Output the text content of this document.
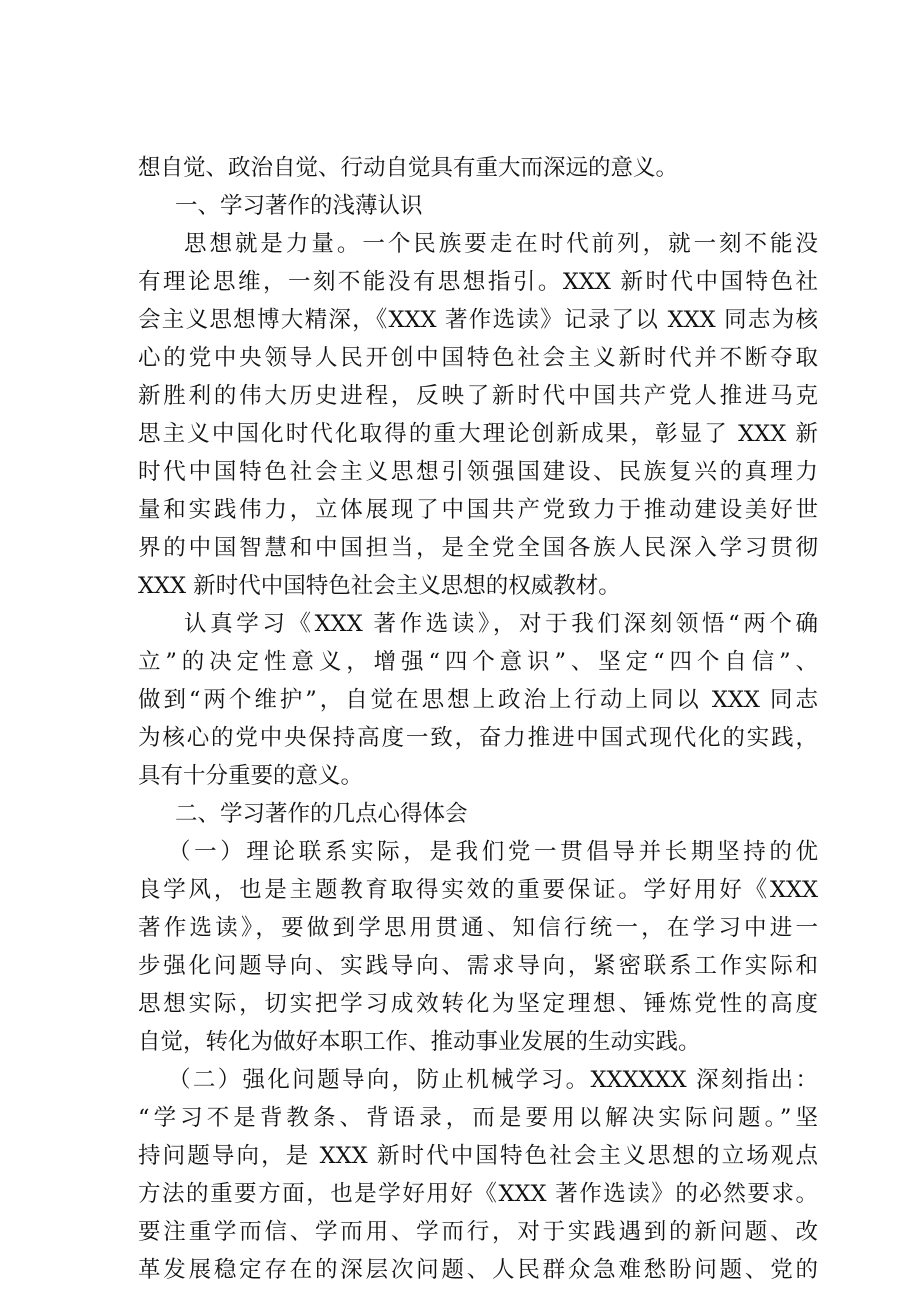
想自觉、政治自觉、行动自觉具有重大而深远的意义。
一、学习著作的浅薄认识
思想就是力量。一个民族要走在时代前列，就一刻不能没
有理论思维，一刻不能没有思想指引。XXX 新时代中国特色社
会主义思想博大精深，《XXX 著作选读》记录了以 XXX 同志为核
心的党中央领导人民开创中国特色社会主义新时代并不断夺取
新胜利的伟大历史进程，反映了新时代中国共产党人推进马克
思主义中国化时代化取得的重大理论创新成果，彰显了 XXX 新
时代中国特色社会主义思想引领强国建设、民族复兴的真理力
量和实践伟力，立体展现了中国共产党致力于推动建设美好世
界的中国智慧和中国担当，是全党全国各族人民深入学习贯彻
XXX 新时代中国特色社会主义思想的权威教材。
认真学习《XXX 著作选读》，对于我们深刻领悟“两个确
立”的决定性意义，增强“四个意识”、坚定“四个自信”、
做到“两个维护”，自觉在思想上政治上行动上同以 XXX 同志
为核心的党中央保持高度一致，奋力推进中国式现代化的实践，
具有十分重要的意义。
二、学习著作的几点心得体会
（一）理论联系实际，是我们党一贯倡导并长期坚持的优
良学风，也是主题教育取得实效的重要保证。学好用好《XXX
著作选读》，要做到学思用贯通、知信行统一，在学习中进一
步强化问题导向、实践导向、需求导向，紧密联系工作实际和
思想实际，切实把学习成效转化为坚定理想、锤炼党性的高度
自觉，转化为做好本职工作、推动事业发展的生动实践。
（二）强化问题导向，防止机械学习。XXXXXX 深刻指出：
“学习不是背教条、背语录，而是要用以解决实际问题。”坚
持问题导向，是 XXX 新时代中国特色社会主义思想的立场观点
方法的重要方面，也是学好用好《XXX 著作选读》的必然要求。
要注重学而信、学而用、学而行，对于实践遇到的新问题、改
革发展稳定存在的深层次问题、人民群众急难愁盼问题、党的
